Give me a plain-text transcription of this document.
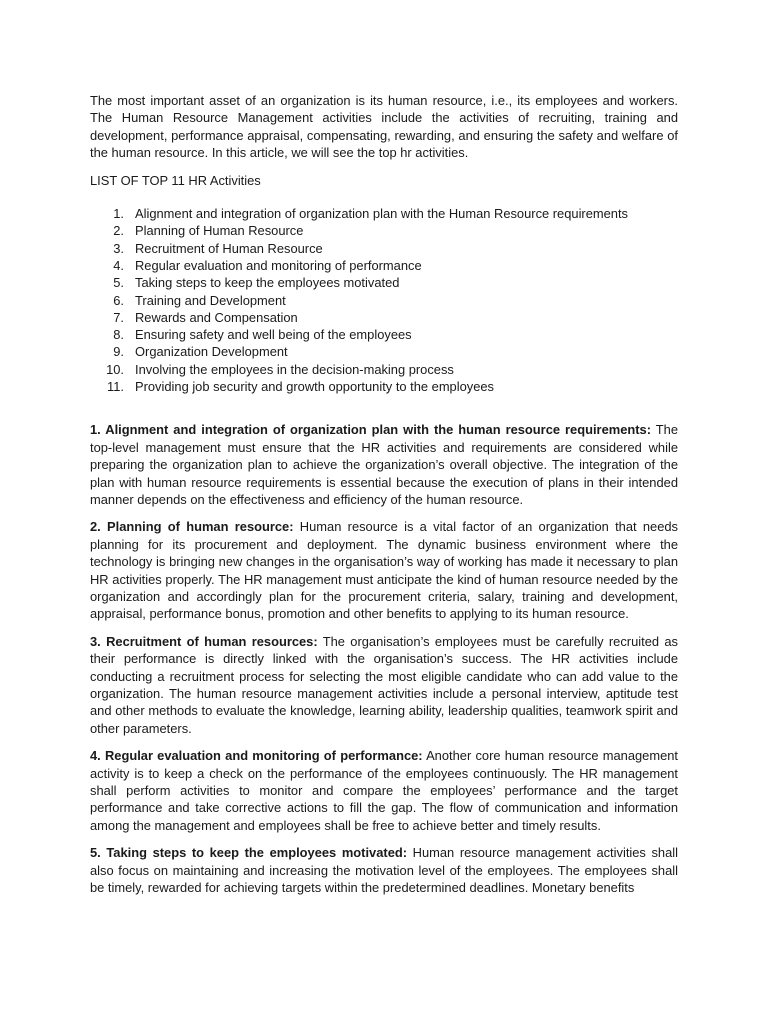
The most important asset of an organization is its human resource, i.e., its employees and workers. The Human Resource Management activities include the activities of recruiting, training and development, performance appraisal, compensating, rewarding, and ensuring the safety and welfare of the human resource. In this article, we will see the top hr activities.

LIST OF TOP 11 HR Activities

1. Alignment and integration of organization plan with the Human Resource requirements
2. Planning of Human Resource
3. Recruitment of Human Resource
4. Regular evaluation and monitoring of performance
5. Taking steps to keep the employees motivated
6. Training and Development
7. Rewards and Compensation
8. Ensuring safety and well being of the employees
9. Organization Development
10. Involving the employees in the decision-making process
11. Providing job security and growth opportunity to the employees

1. Alignment and integration of organization plan with the human resource requirements: The top-level management must ensure that the HR activities and requirements are considered while preparing the organization plan to achieve the organization’s overall objective. The integration of the plan with human resource requirements is essential because the execution of plans in their intended manner depends on the effectiveness and efficiency of the human resource.

2. Planning of human resource: Human resource is a vital factor of an organization that needs planning for its procurement and deployment. The dynamic business environment where the technology is bringing new changes in the organisation’s way of working has made it necessary to plan HR activities properly. The HR management must anticipate the kind of human resource needed by the organization and accordingly plan for the procurement criteria, salary, training and development, appraisal, performance bonus, promotion and other benefits to applying to its human resource.

3. Recruitment of human resources: The organisation’s employees must be carefully recruited as their performance is directly linked with the organisation’s success. The HR activities include conducting a recruitment process for selecting the most eligible candidate who can add value to the organization. The human resource management activities include a personal interview, aptitude test and other methods to evaluate the knowledge, learning ability, leadership qualities, teamwork spirit and other parameters.

4. Regular evaluation and monitoring of performance: Another core human resource management activity is to keep a check on the performance of the employees continuously. The HR management shall perform activities to monitor and compare the employees’ performance and the target performance and take corrective actions to fill the gap. The flow of communication and information among the management and employees shall be free to achieve better and timely results.

5. Taking steps to keep the employees motivated: Human resource management activities shall also focus on maintaining and increasing the motivation level of the employees. The employees shall be timely, rewarded for achieving targets within the predetermined deadlines. Monetary benefits
